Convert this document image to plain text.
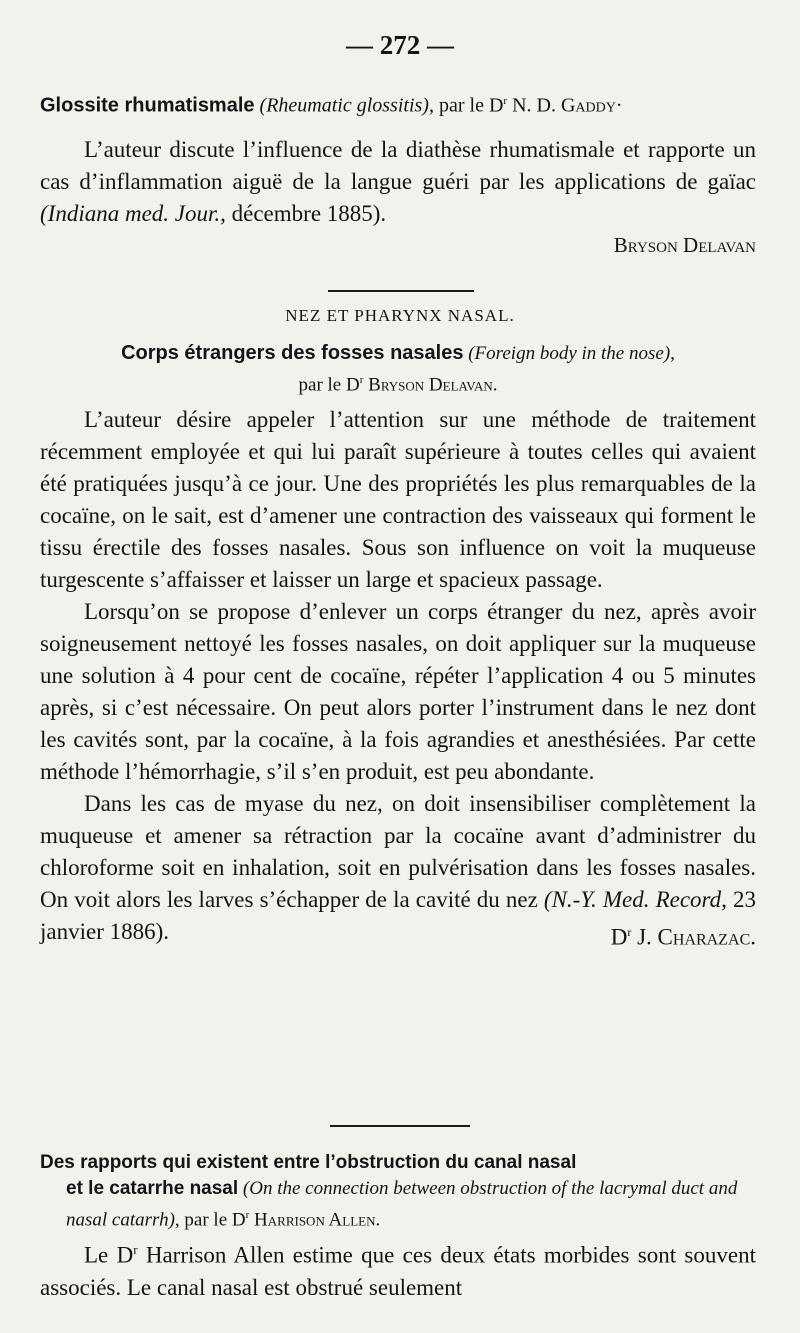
— 272 —
Glossite rhumatismale (Rheumatic glossitis), par le $D^r$ N. D. Gaddy·

L’auteur discute l’influence de la diathèse rhumatismale et rapporte un cas d’inflammation aiguë de la langue guéri par les applications de gaïac (Indiana med. Jour., décembre 1885).

Bryson Delavan
NEZ ET PHARYNX NASAL.
Corps étrangers des fosses nasales (Foreign body in the nose),
par le $D^r$ Bryson Delavan.

L’auteur désire appeler l’attention sur une méthode de traitement récemment employée et qui lui paraît supérieure à toutes celles qui avaient été pratiquées jusqu’à ce jour. Une des propriétés les plus remarquables de la cocaïne, on le sait, est d’amener une contraction des vaisseaux qui forment le tissu érectile des fosses nasales. Sous son influence on voit la muqueuse turgescente s’affaisser et laisser un large et spacieux passage.

Lorsqu’on se propose d’enlever un corps étranger du nez, après avoir soigneusement nettoyé les fosses nasales, on doit appliquer sur la muqueuse une solution à 4 pour cent de cocaïne, répéter l’application 4 ou 5 minutes après, si c’est nécessaire. On peut alors porter l’instrument dans le nez dont les cavités sont, par la cocaïne, à la fois agrandies et anesthésiées. Par cette méthode l’hémorrhagie, s’il s’en produit, est peu abondante.

Dans les cas de myase du nez, on doit insensibiliser complètement la muqueuse et amener sa rétraction par la cocaïne avant d’administrer du chloroforme soit en inhalation, soit en pulvérisation dans les fosses nasales. On voit alors les larves s’échapper de la cavité du nez (N.-Y. Med. Record, 23 janvier 1886).	$D^r$ J. Charazac.

Des rapports qui existent entre l’obstruction du canal nasal
et le catarrhe nasal (On the connection between obstruction of the lacrymal duct and nasal catarrh), par le $D^r$ Harrison Allen.

Le $D^r$ Harrison Allen estime que ces deux états morbides sont souvent associés. Le canal nasal est obstrué seulement
